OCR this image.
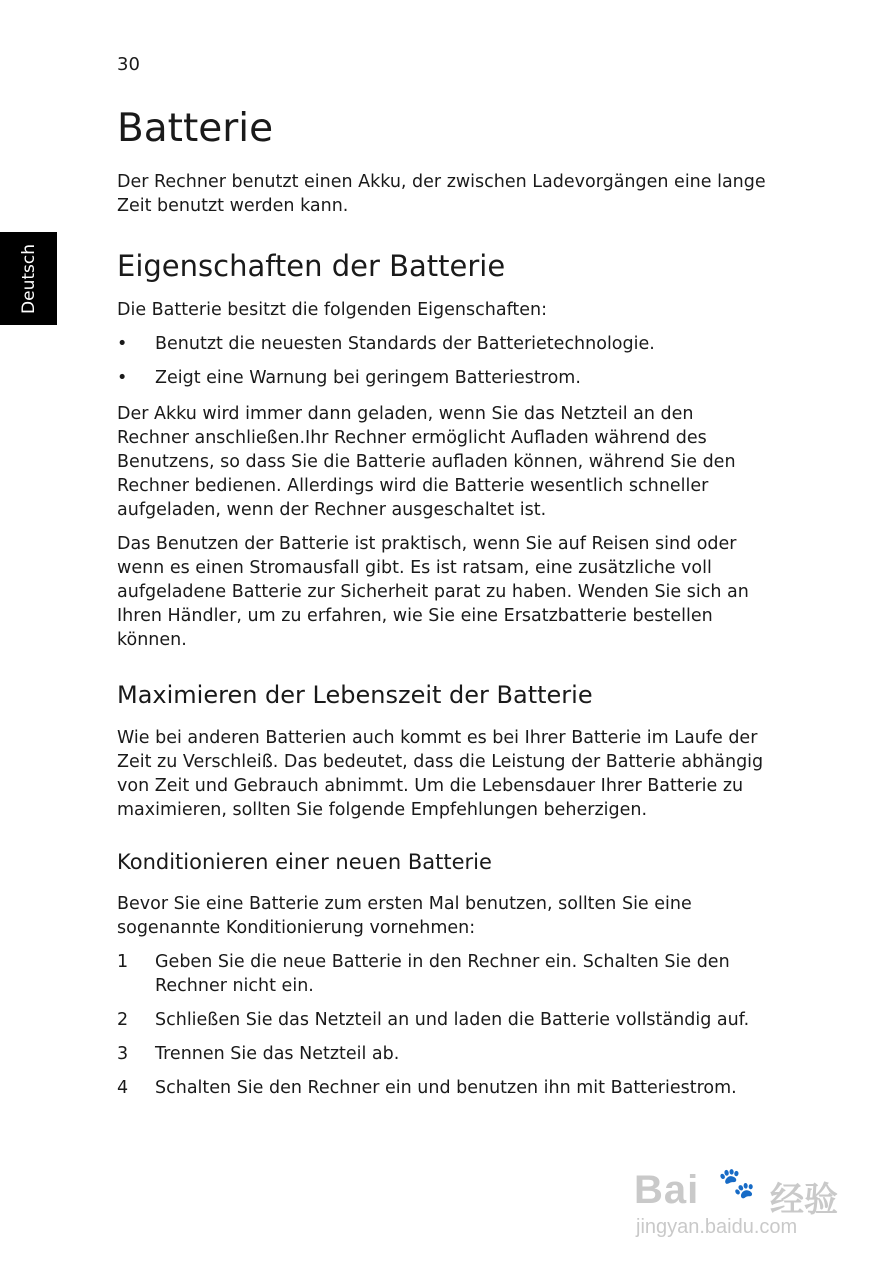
30
Deutsch
Batterie

Der Rechner benutzt einen Akku, der zwischen Ladevorgängen eine lange Zeit benutzt werden kann.

Eigenschaften der Batterie

Die Batterie besitzt die folgenden Eigenschaften:

• Benutzt die neuesten Standards der Batterietechnologie.
• Zeigt eine Warnung bei geringem Batteriestrom.

Der Akku wird immer dann geladen, wenn Sie das Netzteil an den Rechner anschließen.Ihr Rechner ermöglicht Aufladen während des Benutzens, so dass Sie die Batterie aufladen können, während Sie den Rechner bedienen. Allerdings wird die Batterie wesentlich schneller aufgeladen, wenn der Rechner ausgeschaltet ist.

Das Benutzen der Batterie ist praktisch, wenn Sie auf Reisen sind oder wenn es einen Stromausfall gibt. Es ist ratsam, eine zusätzliche voll aufgeladene Batterie zur Sicherheit parat zu haben. Wenden Sie sich an Ihren Händler, um zu erfahren, wie Sie eine Ersatzbatterie bestellen können.

Maximieren der Lebenszeit der Batterie

Wie bei anderen Batterien auch kommt es bei Ihrer Batterie im Laufe der Zeit zu Verschleiß. Das bedeutet, dass die Leistung der Batterie abhängig von Zeit und Gebrauch abnimmt. Um die Lebensdauer Ihrer Batterie zu maximieren, sollten Sie folgende Empfehlungen beherzigen.

Konditionieren einer neuen Batterie

Bevor Sie eine Batterie zum ersten Mal benutzen, sollten Sie eine sogenannte Konditionierung vornehmen:

1 Geben Sie die neue Batterie in den Rechner ein. Schalten Sie den Rechner nicht ein.
2 Schließen Sie das Netzteil an und laden die Batterie vollständig auf.
3 Trennen Sie das Netzteil ab.
4 Schalten Sie den Rechner ein und benutzen ihn mit Batteriestrom.
Bai 🐾 经验
jingyan.baidu.com
